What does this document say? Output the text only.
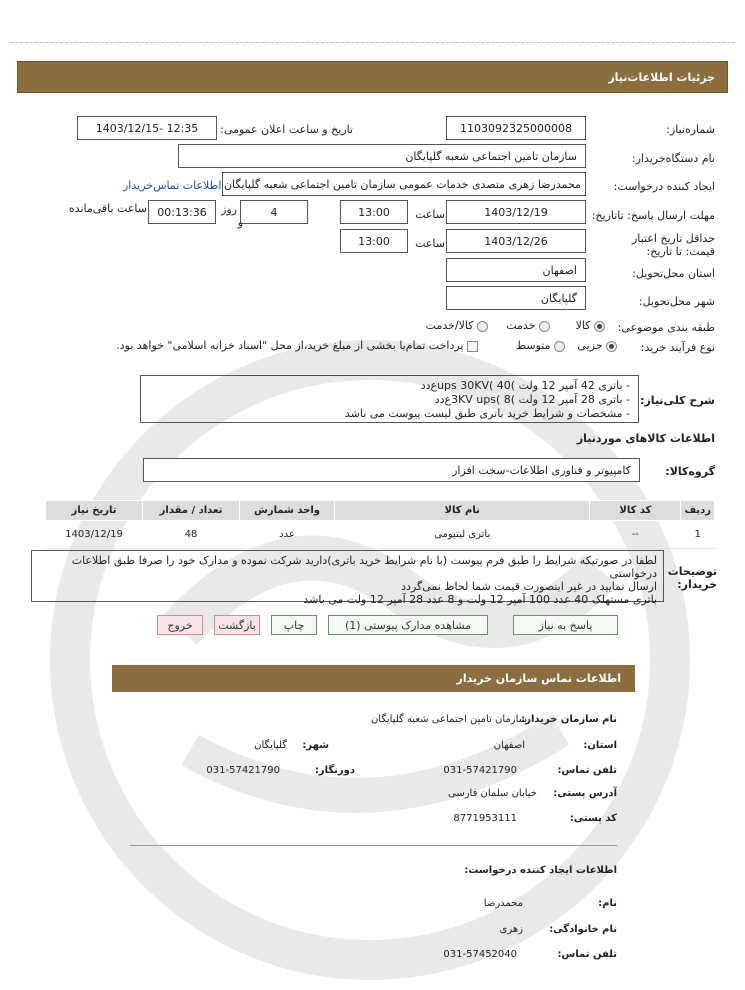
جزئیات اطلاعات‌نیاز
شماره‌نیاز:
1103092325000008
تاریخ و ساعت اعلان عمومی:
1403/12/15- 12:35
نام دستگاه‌خریدار:
سازمان تامین اجتماعی شعبه گلپایگان
ایجاد کننده درخواست:
محمدرضا زهری متصدی خدمات عمومی سازمان تامین اجتماعی شعبه گلپایگان
اطلاعات تماس‌خریدار
مهلت ارسال پاسخ: تاتاریخ:
1403/12/19
ساعت
13:00
4
روز
و
00:13:36
ساعت باقی‌مانده
حداقل تاریخ اعتبار قیمت: تا تاریخ:
1403/12/26
ساعت
13:00
استان محل‌تحویل:
اصفهان
شهر محل‌تحویل:
گلپایگان
طبقه بندی موضوعی:
کالا
خدمت
کالا/خدمت
نوع فرآیند خرید:
جزیی
متوسط
پرداخت تمام‌یا بخشی از مبلغ خرید،از محل "اسناد خزانه اسلامی" خواهد بود.
شرح کلی‌نیاز:
- باتری 42 آمپر 12 ولت )ups 30KV( 40ع‌دد
- باتری 28 آمپر 12 ولت )3KV ups( 8ع‌دد
- مشخصات و شرایط خرید باتری طبق لیست پیوست می باشد
اطلاعات کالاهای موردنیاز
گروه‌کالا:
کامپیوتر و فناوری اطلاعات-سخت افزار
ردیف	کد کالا	نام کالا	واحد شمارش	تعداد / مقدار	تاریخ نیاز
1	--	باتری لیتیومی	عدد	48	1403/12/19
توضیحات خریدار:
لطفا در صورتیکه شرایط را طبق فرم پیوست (با نام شرایط خرید باتری)دارید شرکت نموده و مدارک خود را صرفا طبق اطلاعات درخواستی
ارسال نمایید در غیر اینصورت قیمت شما لحاظ نمی‌گردد
باتری مستهلک 40 عدد 100 آمپر 12 ولت و 8 عدد 28 آمپر 12 ولت می باشد
پاسخ به نیاز
مشاهده مدارک پیوستی (1)
چاپ
بازگشت
خروج
اطلاعات تماس سازمان خریدار
نام سازمان خریدار:
سازمان تامین اجتماعی شعبه گلپایگان
استان:
اصفهان
شهر:
گلپایگان
تلفن تماس:
031-57421790
دورنگار:
031-57421790
آدرس پستی:
خیابان سلمان فارسی
کد پستی:
8771953111
اطلاعات ایجاد کننده درخواست:
نام:
محمدرضا
نام خانوادگی:
زهری
تلفن تماس:
031-57452040
